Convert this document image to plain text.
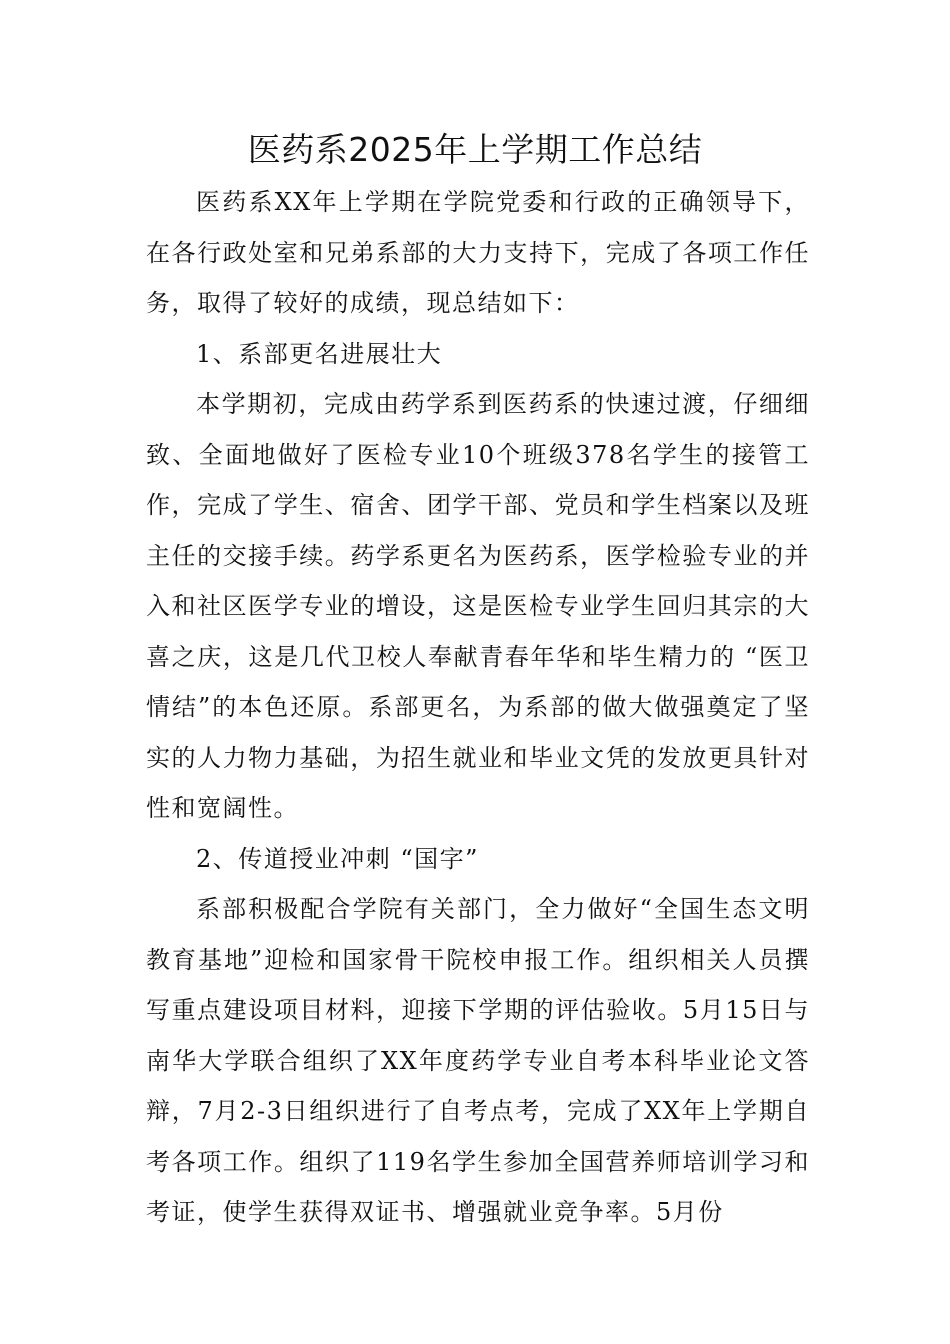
医药系2025年上学期工作总结

医药系XX年上学期在学院党委和行政的正确领导下，在各行政处室和兄弟系部的大力支持下，完成了各项工作任务，取得了较好的成绩，现总结如下：

1、系部更名进展壮大

本学期初，完成由药学系到医药系的快速过渡，仔细细致、全面地做好了医检专业10个班级378名学生的接管工作，完成了学生、宿舍、团学干部、党员和学生档案以及班主任的交接手续。药学系更名为医药系，医学检验专业的并入和社区医学专业的增设，这是医检专业学生回归其宗的大喜之庆，这是几代卫校人奉献青春年华和毕生精力的 “医卫情结”的本色还原。系部更名，为系部的做大做强奠定了坚实的人力物力基础，为招生就业和毕业文凭的发放更具针对性和宽阔性。

2、传道授业冲刺 “国字”

系部积极配合学院有关部门，全力做好“全国生态文明教育基地”迎检和国家骨干院校申报工作。组织相关人员撰写重点建设项目材料，迎接下学期的评估验收。5月15日与南华大学联合组织了XX年度药学专业自考本科毕业论文答辩，7月2-3日组织进行了自考点考，完成了XX年上学期自考各项工作。组织了119名学生参加全国营养师培训学习和考证，使学生获得双证书、增强就业竞争率。5月份
